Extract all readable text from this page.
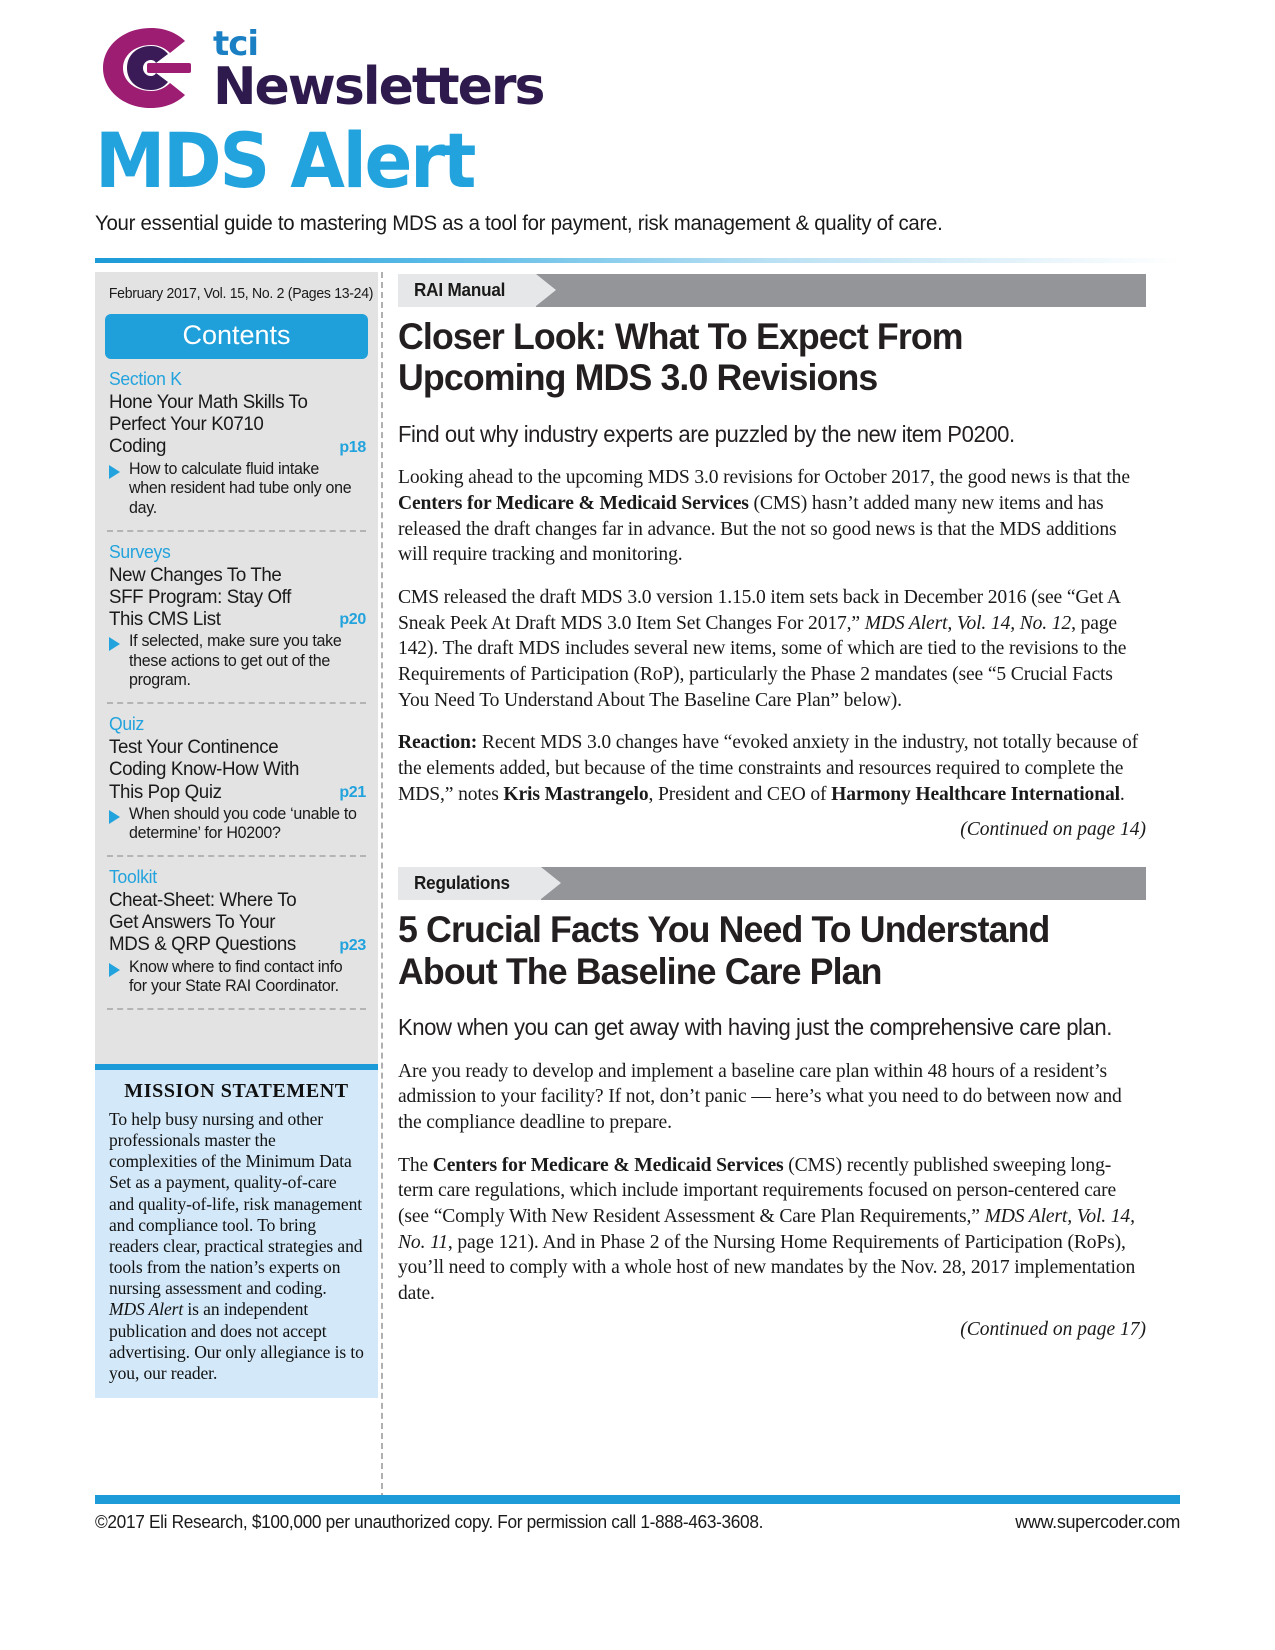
tci
Newsletters
MDS Alert
Your essential guide to mastering MDS as a tool for payment, risk management & quality of care.
February 2017, Vol. 15, No. 2 (Pages 13-24)
Contents
Section K
Hone Your Math Skills To Perfect Your K0710 Coding	p18
How to calculate fluid intake when resident had tube only one day.
Surveys
New Changes To The SFF Program: Stay Off This CMS List	p20
If selected, make sure you take these actions to get out of the program.
Quiz
Test Your Continence Coding Know-How With This Pop Quiz	p21
When should you code ‘unable to determine’ for H0200?
Toolkit
Cheat-Sheet: Where To Get Answers To Your MDS & QRP Questions	p23
Know where to find contact info for your State RAI Coordinator.
MISSION STATEMENT
To help busy nursing and other professionals master the complexities of the Minimum Data Set as a payment, quality-of-care and quality-of-life, risk management and compliance tool. To bring readers clear, practical strategies and tools from the nation’s experts on nursing assessment and coding. MDS Alert is an independent publication and does not accept advertising. Our only allegiance is to you, our reader.
RAI Manual
Closer Look: What To Expect From Upcoming MDS 3.0 Revisions
Find out why industry experts are puzzled by the new item P0200.
Looking ahead to the upcoming MDS 3.0 revisions for October 2017, the good news is that the Centers for Medicare & Medicaid Services (CMS) hasn’t added many new items and has released the draft changes far in advance. But the not so good news is that the MDS additions will require tracking and monitoring.
CMS released the draft MDS 3.0 version 1.15.0 item sets back in December 2016 (see “Get A Sneak Peek At Draft MDS 3.0 Item Set Changes For 2017,” MDS Alert, Vol. 14, No. 12, page 142). The draft MDS includes several new items, some of which are tied to the revisions to the Requirements of Participation (RoP), particularly the Phase 2 mandates (see “5 Crucial Facts You Need To Understand About The Baseline Care Plan” below).
Reaction: Recent MDS 3.0 changes have “evoked anxiety in the industry, not totally because of the elements added, but because of the time constraints and resources required to complete the MDS,” notes Kris Mastrangelo, President and CEO of Harmony Healthcare International.
(Continued on page 14)
Regulations
5 Crucial Facts You Need To Understand About The Baseline Care Plan
Know when you can get away with having just the comprehensive care plan.
Are you ready to develop and implement a baseline care plan within 48 hours of a resident’s admission to your facility? If not, don’t panic — here’s what you need to do between now and the compliance deadline to prepare.
The Centers for Medicare & Medicaid Services (CMS) recently published sweeping long-term care regulations, which include important requirements focused on person-centered care (see “Comply With New Resident Assessment & Care Plan Requirements,” MDS Alert, Vol. 14, No. 11, page 121). And in Phase 2 of the Nursing Home Requirements of Participation (RoPs), you’ll need to comply with a whole host of new mandates by the Nov. 28, 2017 implementation date.
(Continued on page 17)
©2017 Eli Research, $100,000 per unauthorized copy. For permission call 1-888-463-3608.	www.supercoder.com
